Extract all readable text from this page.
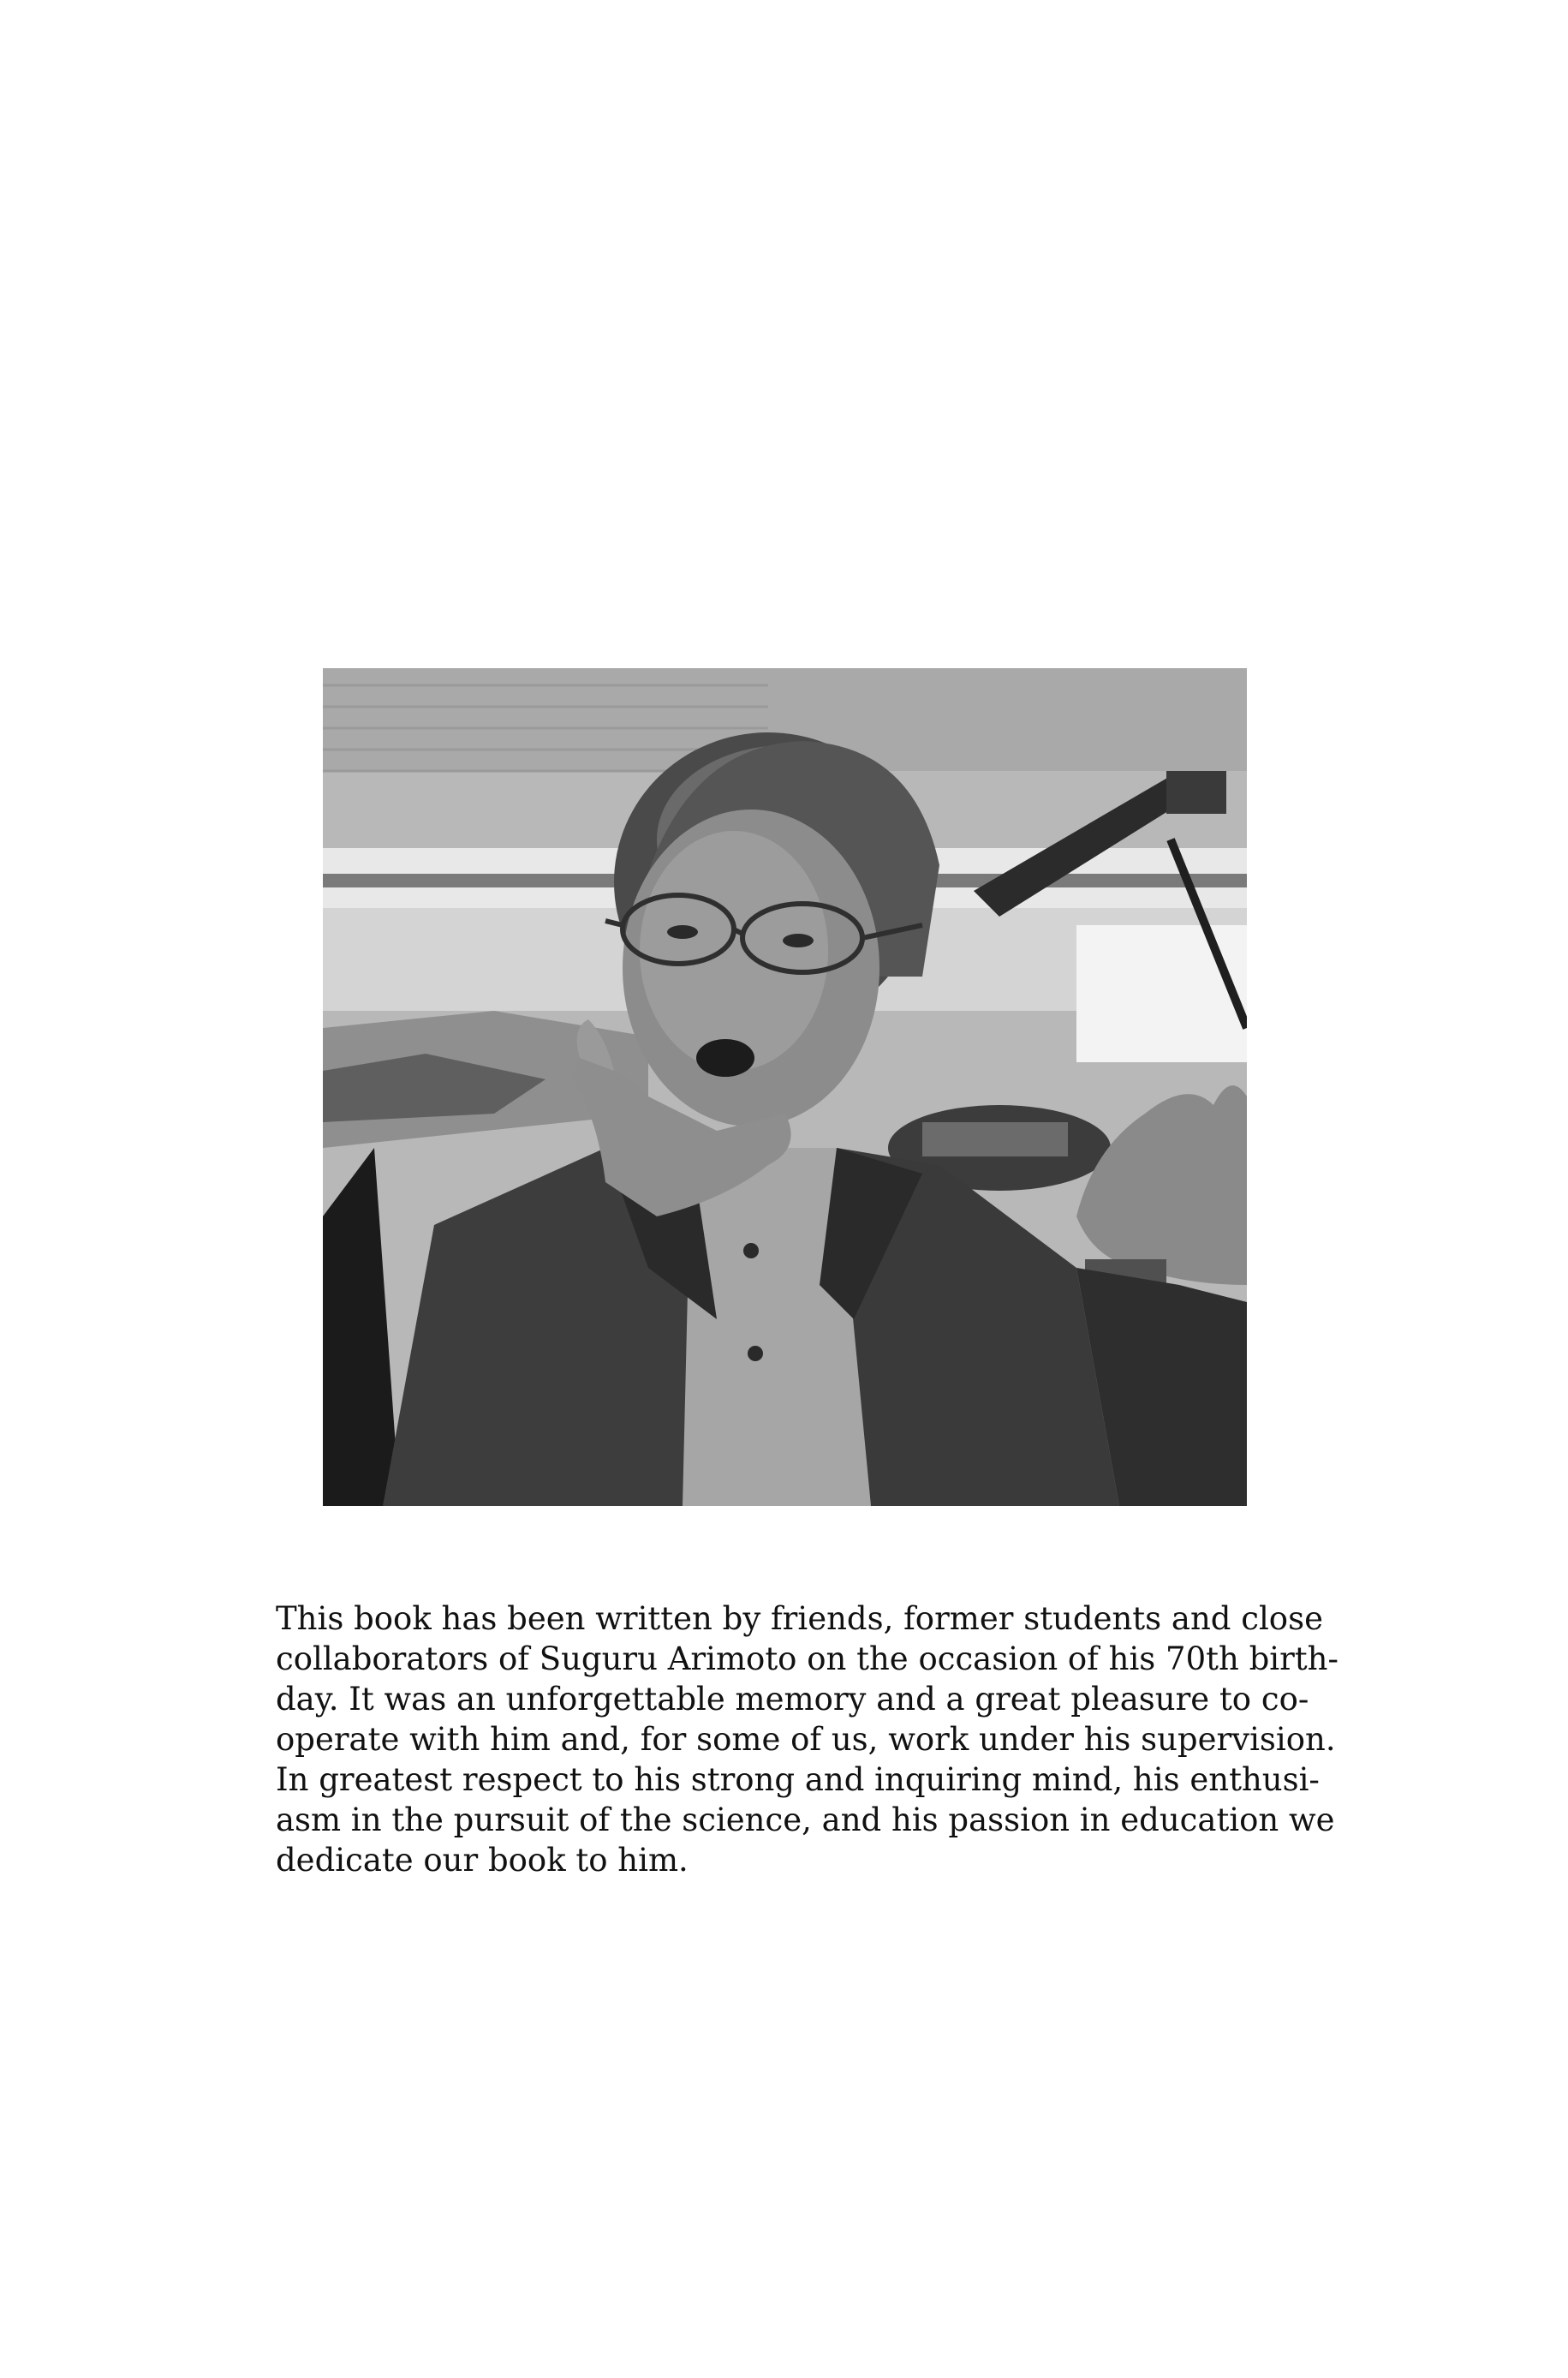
This book has been written by friends, former students and close
collaborators of Suguru Arimoto on the occasion of his 70th birth-
day. It was an unforgettable memory and a great pleasure to co-
operate with him and, for some of us, work under his supervision.
In greatest respect to his strong and inquiring mind, his enthusi-
asm in the pursuit of the science, and his passion in education we
dedicate our book to him.
